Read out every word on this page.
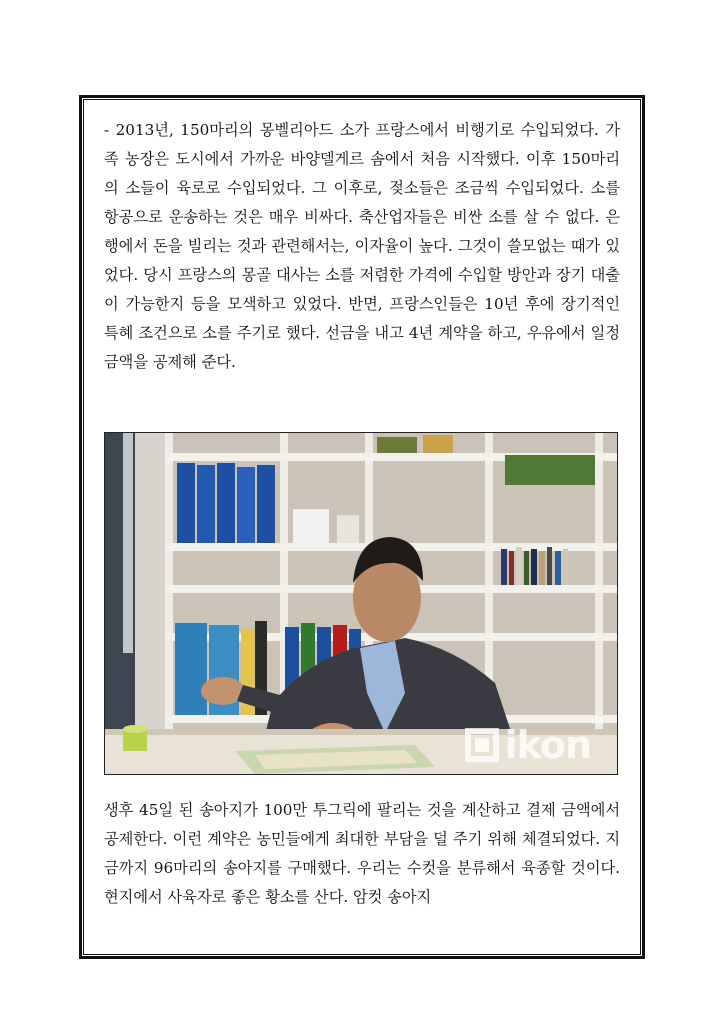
- 2013년, 150마리의 몽벨리아드 소가 프랑스에서 비행기로 수입되었다. 가족 농장은 도시에서 가까운 바양델게르 솜에서 처음 시작했다. 이후 150마리의 소들이 육로로 수입되었다. 그 이후로, 젖소들은 조금씩 수입되었다. 소를 항공으로 운송하는 것은 매우 비싸다. 축산업자들은 비싼 소를 살 수 없다. 은행에서 돈을 빌리는 것과 관련해서는, 이자율이 높다. 그것이 쓸모없는 때가 있었다. 당시 프랑스의 몽골 대사는 소를 저렴한 가격에 수입할 방안과 장기 대출이 가능한지 등을 모색하고 있었다. 반면, 프랑스인들은 10년 후에 장기적인 특혜 조건으로 소를 주기로 했다. 선금을 내고 4년 계약을 하고, 우유에서 일정 금액을 공제해 준다.

ikon
TM

생후 45일 된 송아지가 100만 투그릭에 팔리는 것을 계산하고 결제 금액에서 공제한다. 이런 계약은 농민들에게 최대한 부담을 덜 주기 위해 체결되었다. 지금까지 96마리의 송아지를 구매했다. 우리는 수컷을 분류해서 육종할 것이다. 현지에서 사육자로 좋은 황소를 산다. 암컷 송아지
